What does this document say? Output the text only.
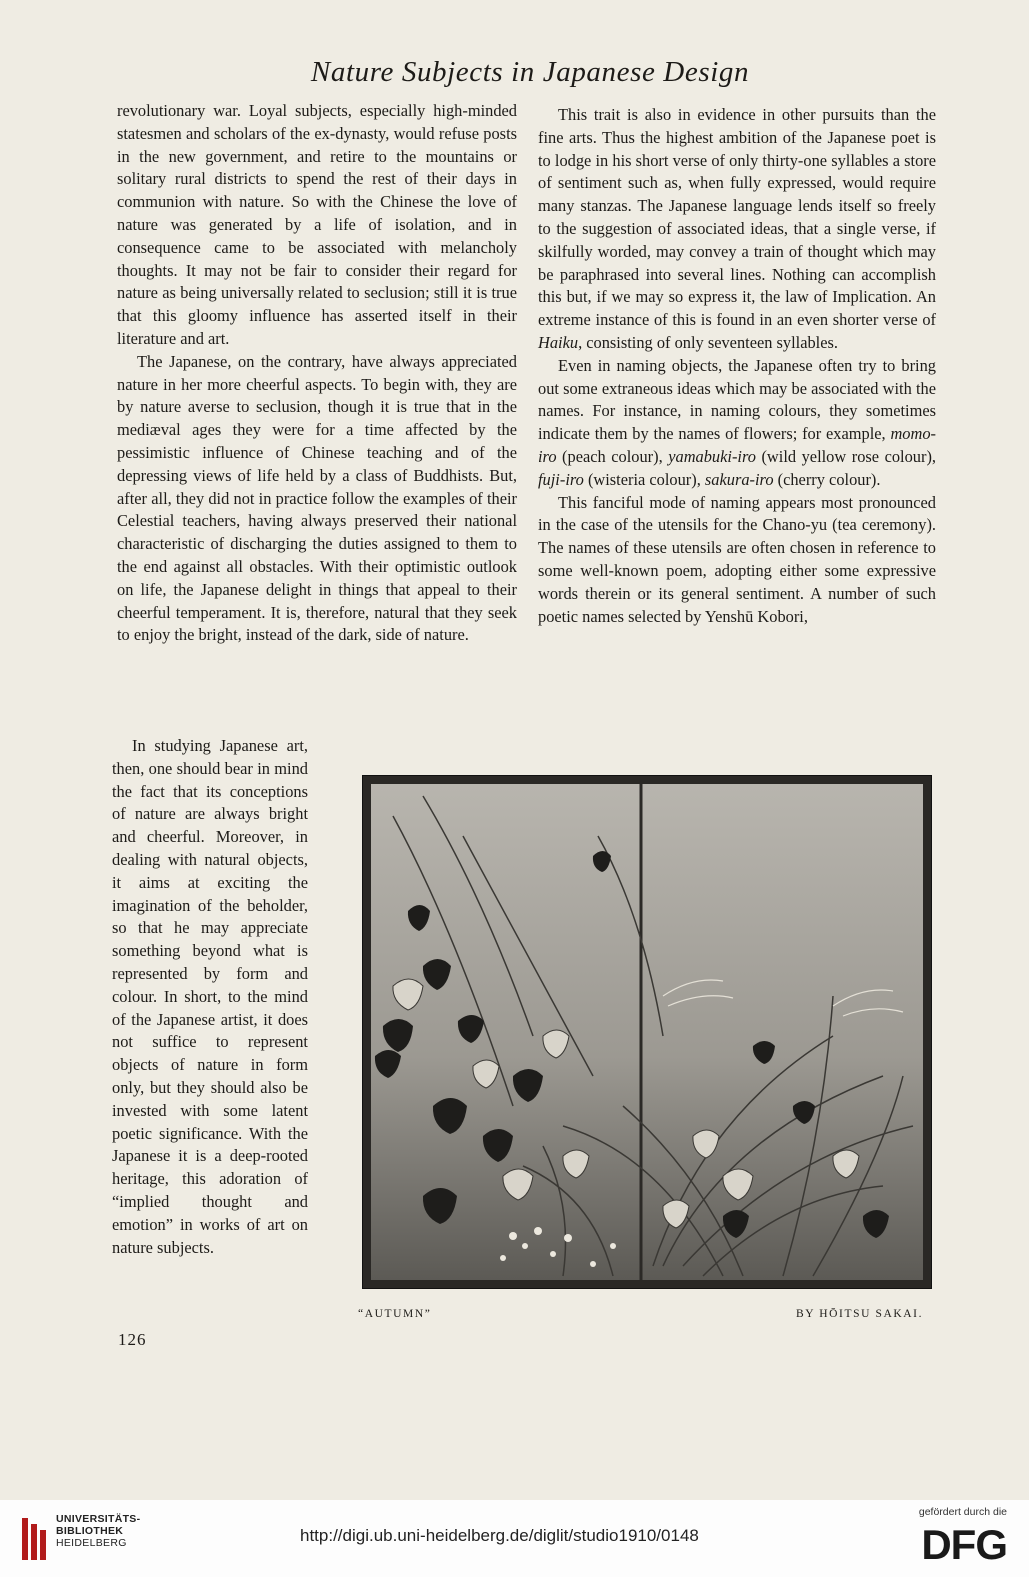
Nature Subjects in Japanese Design

revolutionary war. Loyal subjects, especially high-minded statesmen and scholars of the ex-dynasty, would refuse posts in the new government, and retire to the mountains or solitary rural districts to spend the rest of their days in communion with nature. So with the Chinese the love of nature was generated by a life of isolation, and in consequence came to be associated with melancholy thoughts. It may not be fair to consider their regard for nature as being universally related to seclusion; still it is true that this gloomy influence has asserted itself in their literature and art.

The Japanese, on the contrary, have always appreciated nature in her more cheerful aspects. To begin with, they are by nature averse to seclusion, though it is true that in the mediæval ages they were for a time affected by the pessimistic influence of Chinese teaching and of the depressing views of life held by a class of Buddhists. But, after all, they did not in practice follow the examples of their Celestial teachers, having always preserved their national characteristic of discharging the duties assigned to them to the end against all obstacles. With their optimistic outlook on life, the Japanese delight in things that appeal to their cheerful temperament. It is, therefore, natural that they seek to enjoy the bright, instead of the dark, side of nature.

In studying Japanese art, then, one should bear in mind the fact that its conceptions of nature are always bright and cheerful. Moreover, in dealing with natural objects, it aims at exciting the imagination of the beholder, so that he may appreciate something beyond what is represented by form and colour. In short, to the mind of the Japanese artist, it does not suffice to represent objects of nature in form only, but they should also be invested with some latent poetic significance. With the Japanese it is a deep-rooted heritage, this adoration of “implied thought and emotion” in works of art on nature subjects.

This trait is also in evidence in other pursuits than the fine arts. Thus the highest ambition of the Japanese poet is to lodge in his short verse of only thirty-one syllables a store of sentiment such as, when fully expressed, would require many stanzas. The Japanese language lends itself so freely to the suggestion of associated ideas, that a single verse, if skilfully worded, may convey a train of thought which may be paraphrased into several lines. Nothing can accomplish this but, if we may so express it, the law of Implication. An extreme instance of this is found in an even shorter verse of Haiku, consisting of only seventeen syllables.

Even in naming objects, the Japanese often try to bring out some extraneous ideas which may be associated with the names. For instance, in naming colours, they sometimes indicate them by the names of flowers; for example, momo-iro (peach colour), yamabuki-iro (wild yellow rose colour), fuji-iro (wisteria colour), sakura-iro (cherry colour).

This fanciful mode of naming appears most pronounced in the case of the utensils for the Chano-yu (tea ceremony). The names of these utensils are often chosen in reference to some well-known poem, adopting either some expressive words therein or its general sentiment. A number of such poetic names selected by Yenshū Kobori,

“AUTUMN”	BY HŌITSU SAKAI.
126
UNIVERSITÄTS-
BIBLIOTHEK
HEIDELBERG	http://digi.ub.uni-heidelberg.de/diglit/studio1910/0148
gefördert durch die
DFG
